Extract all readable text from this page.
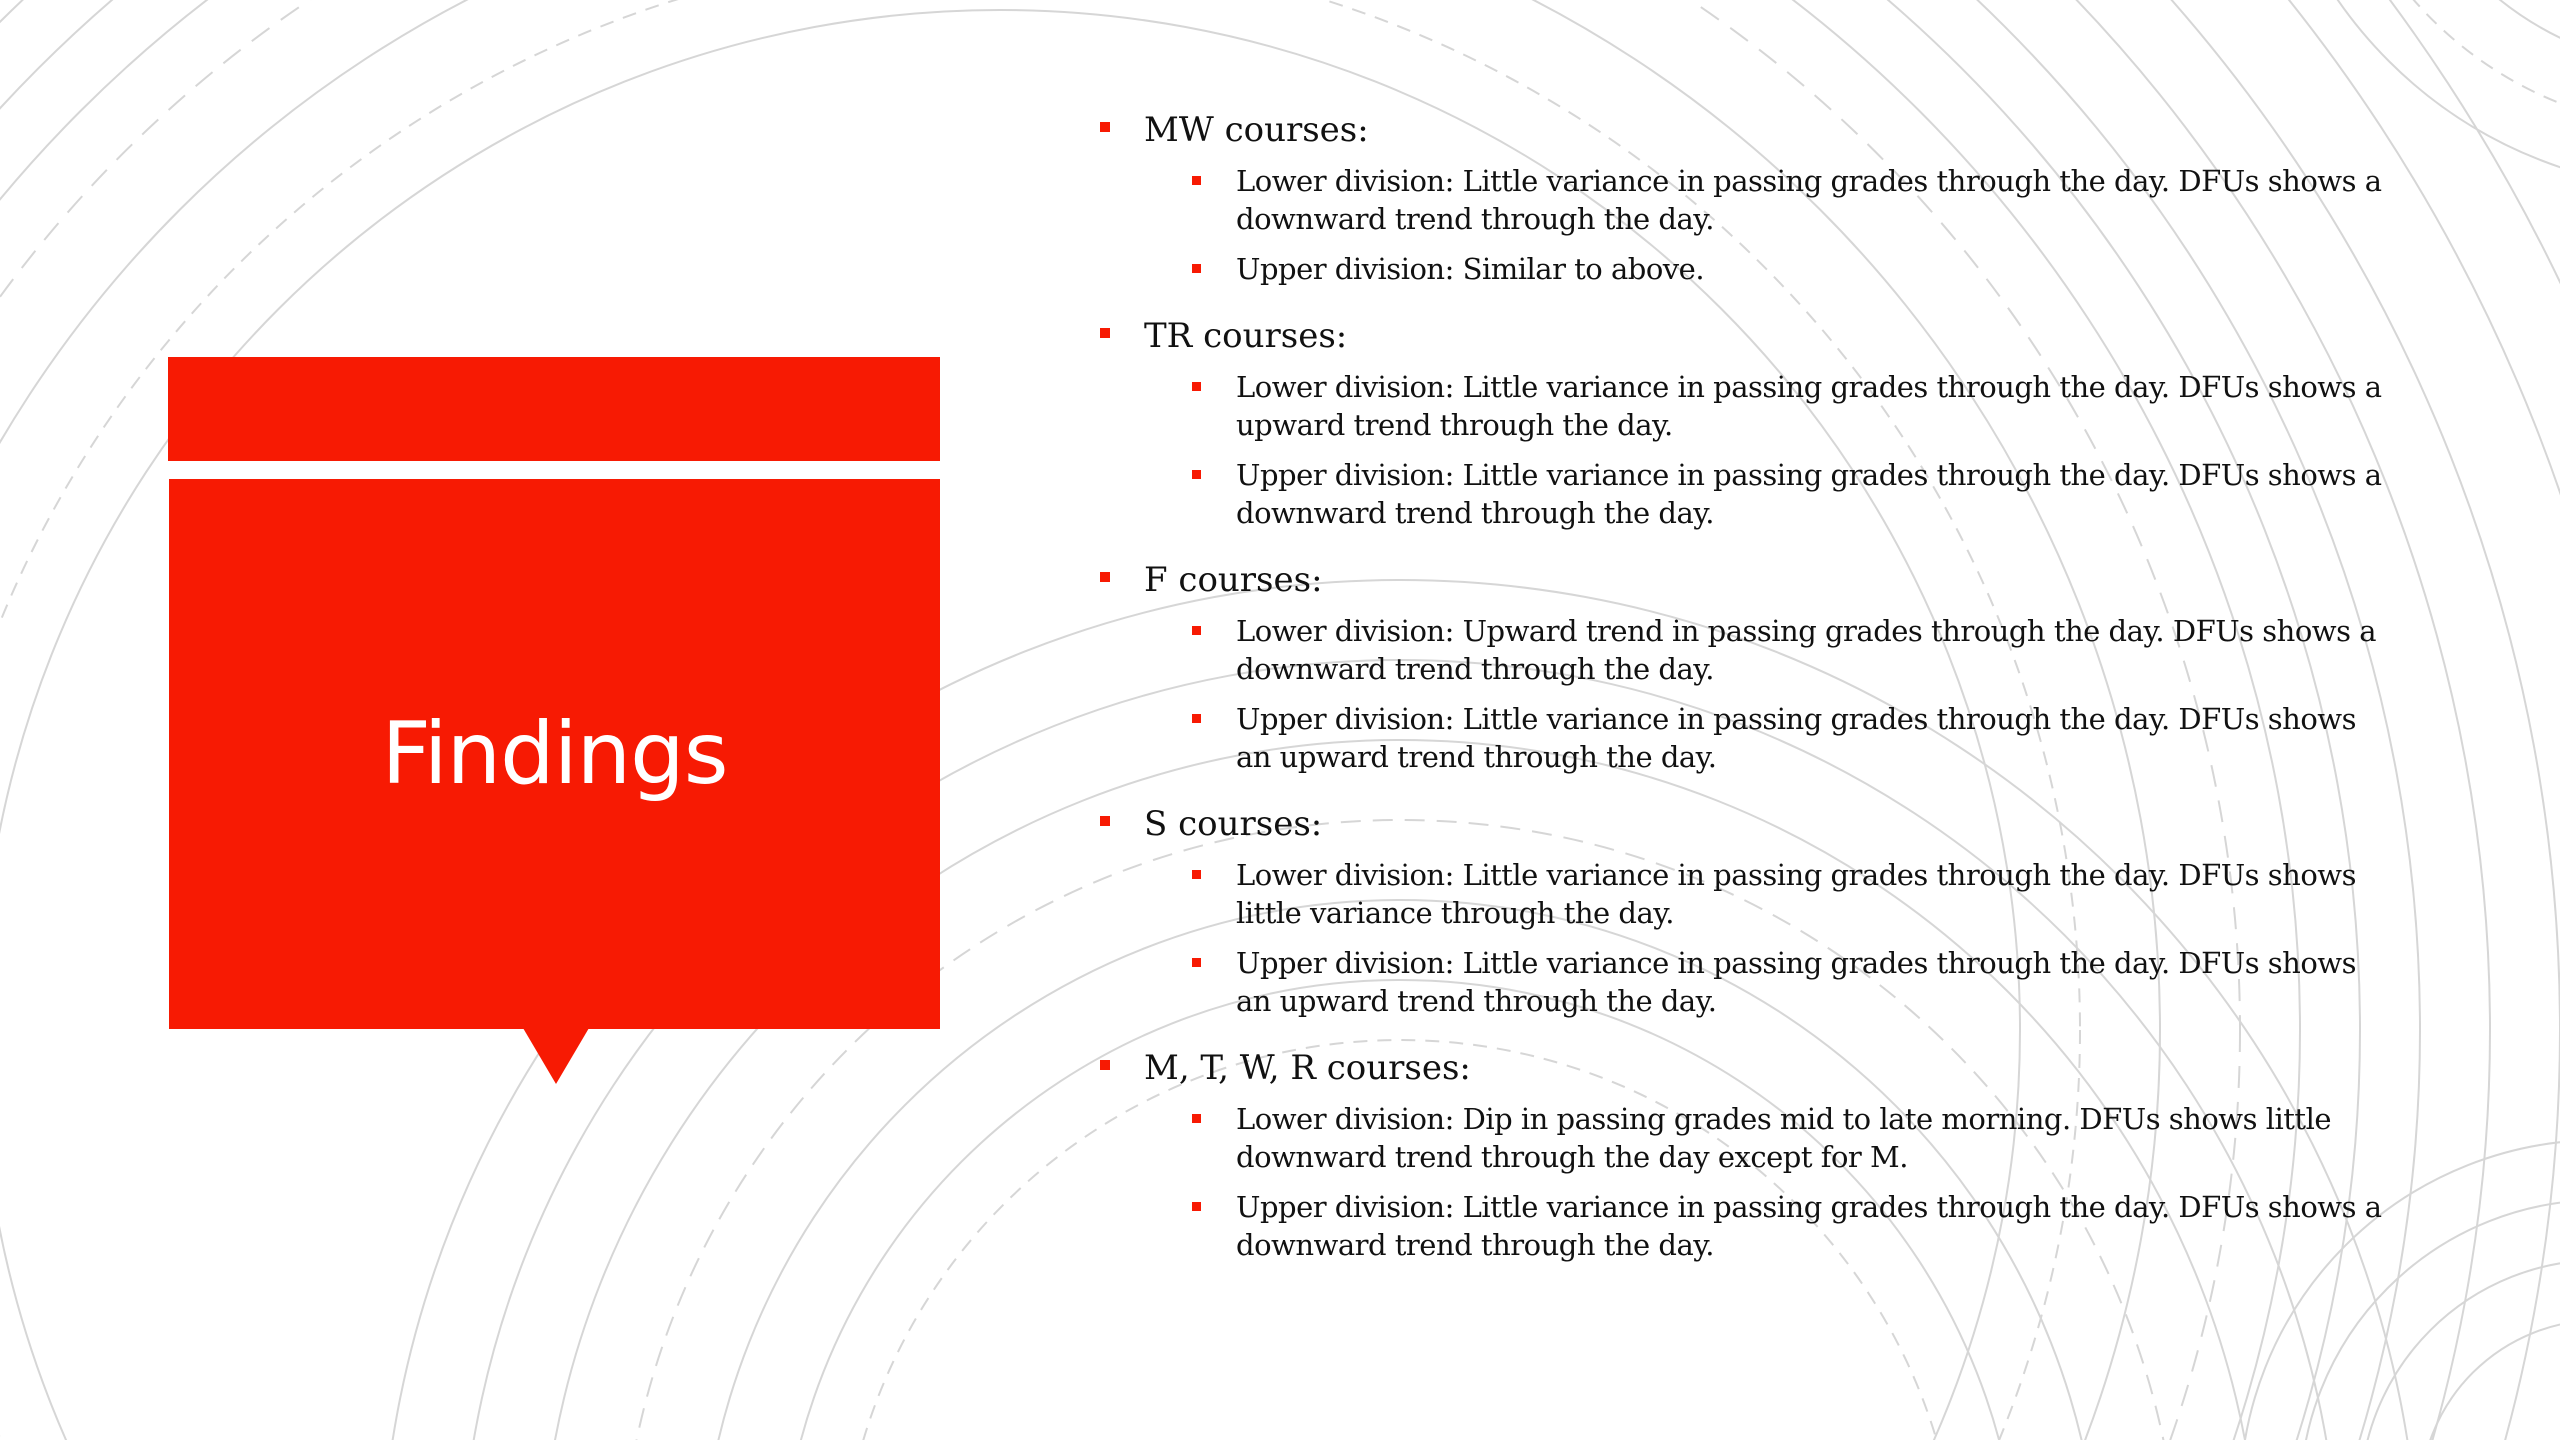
Findings
MW courses:
Lower division: Little variance in passing grades through the day. DFUs shows a downward trend through the day.
Upper division: Similar to above.
TR courses:
Lower division: Little variance in passing grades through the day. DFUs shows a upward trend through the day.
Upper division: Little variance in passing grades through the day. DFUs shows a downward trend through the day.
F courses:
Lower division: Upward trend in passing grades through the day. DFUs shows a downward trend through the day.
Upper division: Little variance in passing grades through the day. DFUs shows an upward trend through the day.
S courses:
Lower division: Little variance in passing grades through the day. DFUs shows little variance through the day.
Upper division: Little variance in passing grades through the day. DFUs shows an upward trend through the day.
M, T, W, R courses:
Lower division: Dip in passing grades mid to late morning. DFUs shows little downward trend through the day except for M.
Upper division: Little variance in passing grades through the day. DFUs shows a downward trend through the day.
